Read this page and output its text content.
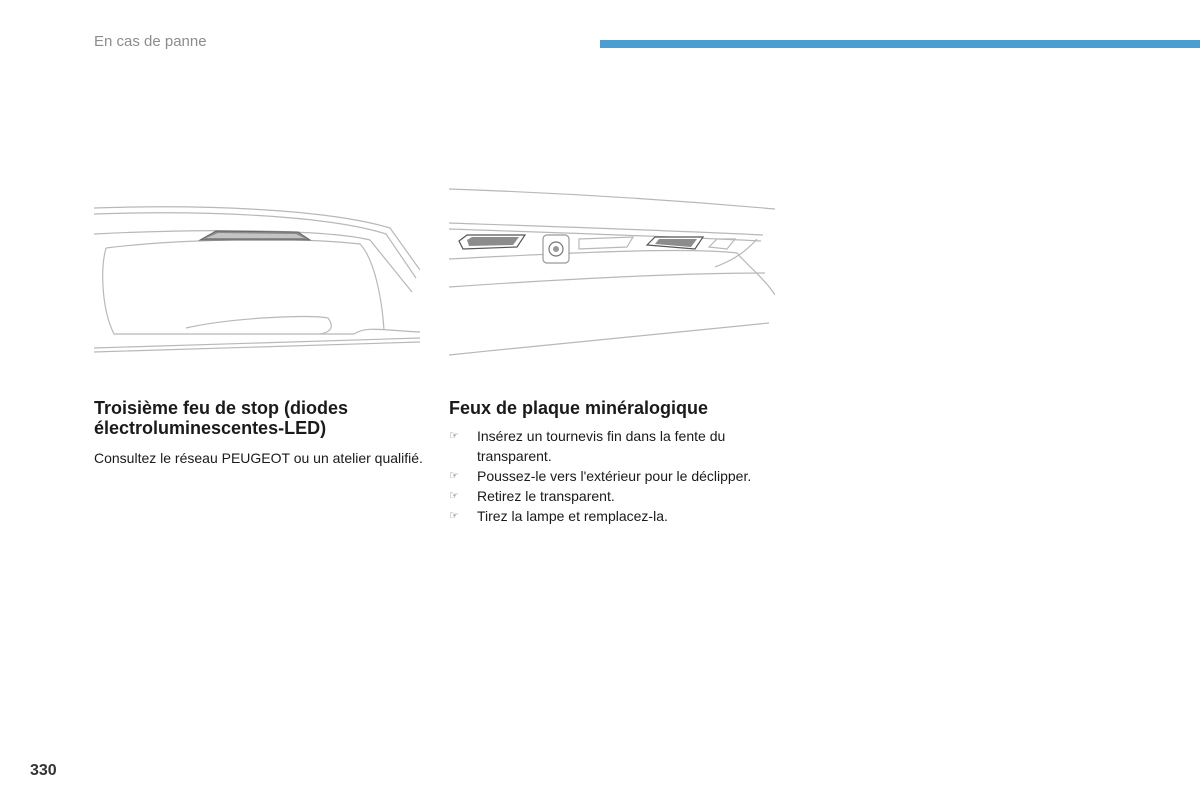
En cas de panne
Troisième feu de stop (diodes électroluminescentes-LED)

Consultez le réseau PEUGEOT ou un atelier qualifié.

Feux de plaque minéralogique
☞ Insérez un tournevis fin dans la fente du transparent.
☞ Poussez-le vers l'extérieur pour le déclipper.
☞ Retirez le transparent.
☞ Tirez la lampe et remplacez-la.
330
